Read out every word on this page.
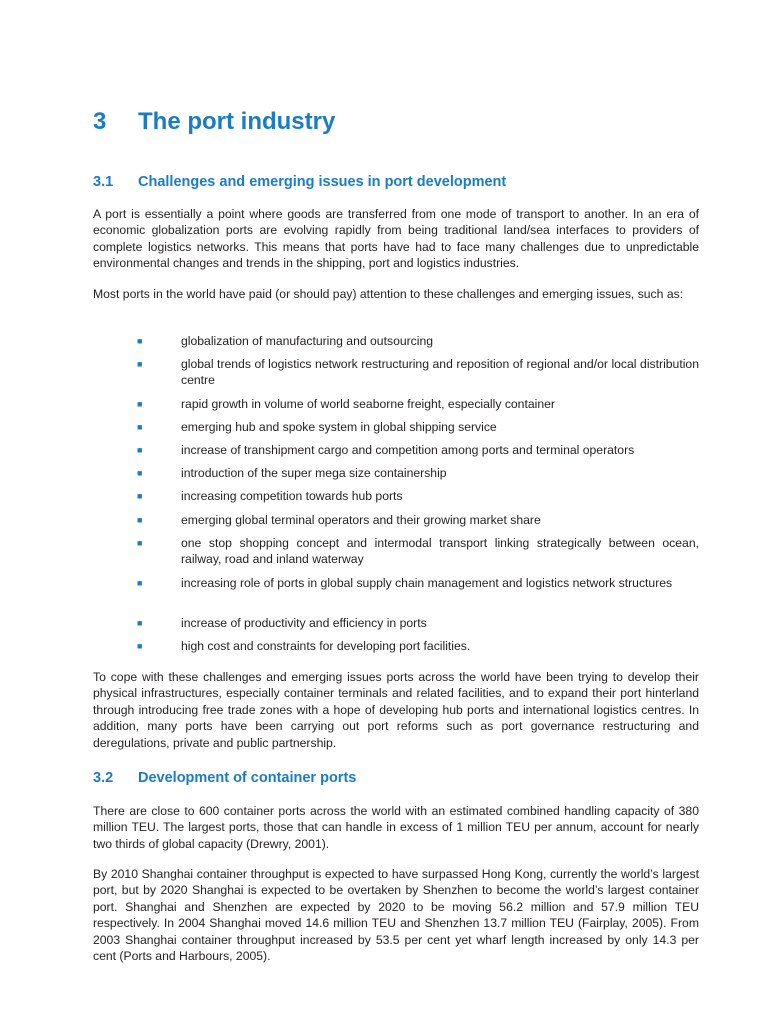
3 The port industry
3.1 Challenges and emerging issues in port development

A port is essentially a point where goods are transferred from one mode of transport to another. In an era of economic globalization ports are evolving rapidly from being traditional land/sea interfaces to providers of complete logistics networks. This means that ports have had to face many challenges due to unpredictable environmental changes and trends in the shipping, port and logistics industries.

Most ports in the world have paid (or should pay) attention to these challenges and emerging issues, such as:

■	globalization of manufacturing and outsourcing
■	global trends of logistics network restructuring and reposition of regional and/or local distribution centre
■	rapid growth in volume of world seaborne freight, especially container
■	emerging hub and spoke system in global shipping service
■	increase of transhipment cargo and competition among ports and terminal operators
■	introduction of the super mega size containership
■	increasing competition towards hub ports
■	emerging global terminal operators and their growing market share
■	one stop shopping concept and intermodal transport linking strategically between ocean, railway, road and inland waterway
■	increasing role of ports in global supply chain management and logistics network structures
■	increase of productivity and efficiency in ports
■	high cost and constraints for developing port facilities.

To cope with these challenges and emerging issues ports across the world have been trying to develop their physical infrastructures, especially container terminals and related facilities, and to expand their port hinterland through introducing free trade zones with a hope of developing hub ports and international logistics centres. In addition, many ports have been carrying out port reforms such as port governance restructuring and deregulations, private and public partnership.

3.2 Development of container ports

There are close to 600 container ports across the world with an estimated combined handling capacity of 380 million TEU. The largest ports, those that can handle in excess of 1 million TEU per annum, account for nearly two thirds of global capacity (Drewry, 2001).

By 2010 Shanghai container throughput is expected to have surpassed Hong Kong, currently the world’s largest port, but by 2020 Shanghai is expected to be overtaken by Shenzhen to become the world’s largest container port. Shanghai and Shenzhen are expected by 2020 to be moving 56.2 million and 57.9 million TEU respectively. In 2004 Shanghai moved 14.6 million TEU and Shenzhen 13.7 million TEU (Fairplay, 2005). From 2003 Shanghai container throughput increased by 53.5 per cent yet wharf length increased by only 14.3 per cent (Ports and Harbours, 2005).
